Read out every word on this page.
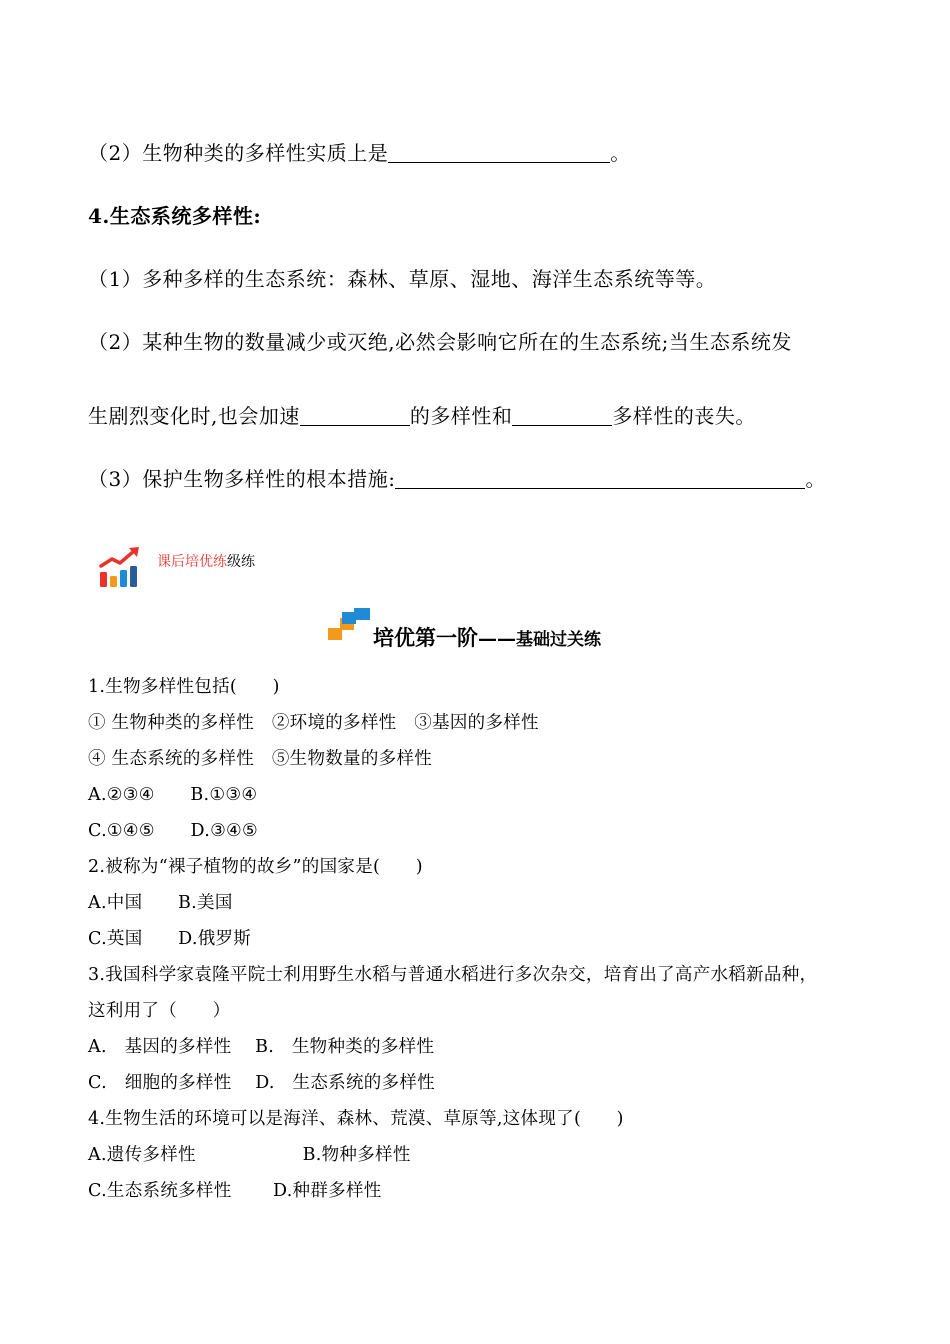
（2）生物种类的多样性实质上是	。
4.生态系统多样性:
（1）多种多样的生态系统：森林、草原、湿地、海洋生态系统等等。
（2）某种生物的数量减少或灭绝,必然会影响它所在的生态系统;当生态系统发
生剧烈变化时,也会加速	的多样性和	多样性的丧失。
（3）保护生物多样性的根本措施:	。
课后培优练级练
培优第一阶——基础过关练
1.生物多样性包括(　　)
① 生物种类的多样性　②环境的多样性　③基因的多样性
④ 生态系统的多样性　⑤生物数量的多样性
A.②③④　　B.①③④
C.①④⑤　　D.③④⑤
2.被称为“裸子植物的故乡”的国家是(　　)
A.中国　　B.美国
C.英国　　D.俄罗斯
3.我国科学家袁隆平院士利用野生水稻与普通水稻进行多次杂交，培育出了高产水稻新品种，
这利用了（　　）
A.　基因的多样性　 B.　生物种类的多样性
C.　细胞的多样性　 D.　生态系统的多样性
4.生物生活的环境可以是海洋、森林、荒漠、草原等,这体现了(　　)
A.遗传多样性　　　　　　B.物种多样性
C.生态系统多样性　　 D.种群多样性
